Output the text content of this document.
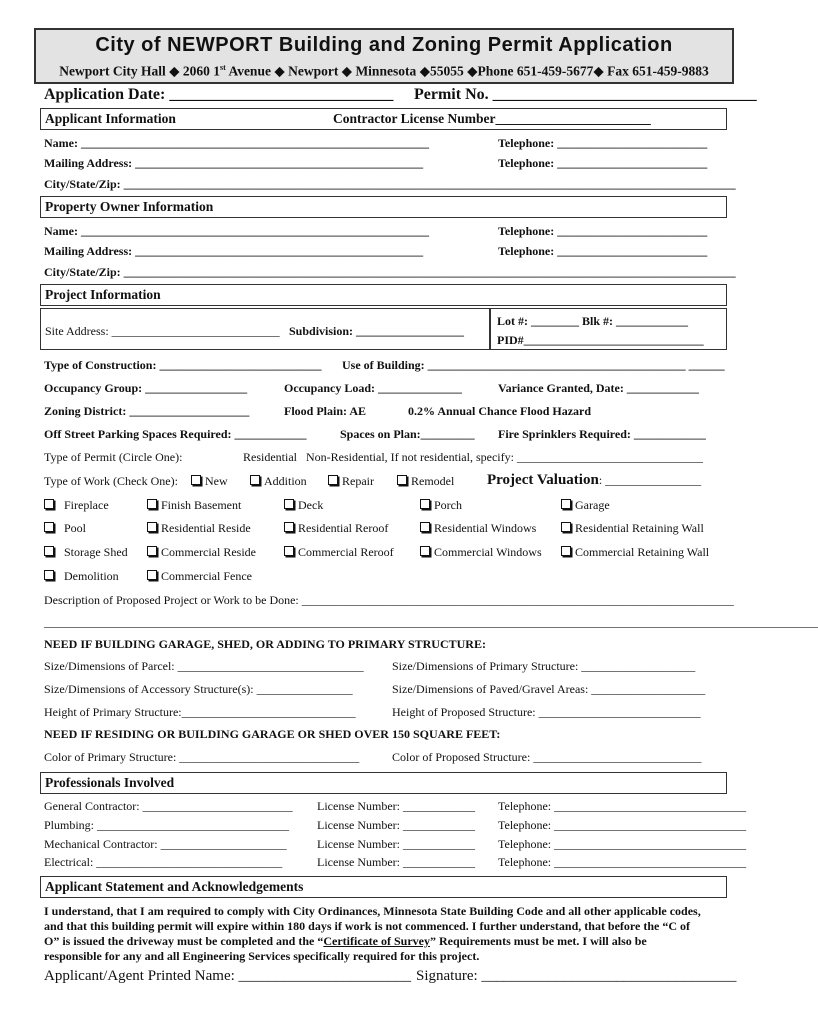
City of NEWPORT Building and Zoning Permit Application
Newport City Hall ◆ 2060 1st Avenue ◆ Newport ◆ Minnesota ◆55055 ◆Phone 651-459-5677◆ Fax 651-459-9883
Application Date: ____________________________ Permit No. _________________________________
Applicant Information	Contractor License Number_______________________
Name: __________________________________________________________	Telephone: _________________________
Mailing Address: ________________________________________________	Telephone: _________________________
City/State/Zip: ______________________________________________________________________________________________________
Property Owner Information
Name: __________________________________________________________	Telephone: _________________________
Mailing Address: ________________________________________________	Telephone: _________________________
City/State/Zip: ______________________________________________________________________________________________________
Project Information
Site Address: ____________________________ Subdivision: __________________
Lot #: ________ Blk #: ____________
PID#______________________________
Type of Construction: ___________________________ Use of Building: ___________________________________________ ______
Occupancy Group: _________________	Occupancy Load: ______________	Variance Granted, Date: ____________
Zoning District: ____________________	Flood Plain: AE	0.2% Annual Chance Flood Hazard
Off Street Parking Spaces Required: ____________	Spaces on Plan:_________ Fire Sprinklers Required: ____________
Type of Permit (Circle One):	Residential Non-Residential, If not residential, specify: _______________________________
Type of Work (Check One):	New	Addition	Repair	Remodel Project Valuation: ________________
Fireplace	Finish Basement	Deck	Porch	Garage
Pool	Residential Reside	Residential Reroof	Residential Windows	Residential Retaining Wall
Storage Shed	Commercial Reside	Commercial Reroof	Commercial Windows	Commercial Retaining Wall
Demolition	Commercial Fence
Description of Proposed Project or Work to be Done: ________________________________________________________________________
_________________________________________________________________________________________________________________________________
NEED IF BUILDING GARAGE, SHED, OR ADDING TO PRIMARY STRUCTURE:
Size/Dimensions of Parcel: _______________________________ Size/Dimensions of Primary Structure: ___________________
Size/Dimensions of Accessory Structure(s): ________________	Size/Dimensions of Paved/Gravel Areas: ___________________
Height of Primary Structure:_____________________________	Height of Proposed Structure: ___________________________
NEED IF RESIDING OR BUILDING GARAGE OR SHED OVER 150 SQUARE FEET:
Color of Primary Structure: ______________________________	Color of Proposed Structure: ____________________________
Professionals Involved
General Contractor: _________________________ License Number: ____________ Telephone: ________________________________
Plumbing: ________________________________ License Number: ____________ Telephone: ________________________________
Mechanical Contractor: _____________________	License Number: ____________ Telephone: ________________________________
Electrical: _______________________________	License Number: ____________ Telephone: ________________________________
Applicant Statement and Acknowledgements
I understand, that I am required to comply with City Ordinances, Minnesota State Building Code and all other applicable codes,
and that this building permit will expire within 180 days if work is not commenced. I further understand, that before the “C of
O” is issued the driveway must be completed and the “Certificate of Survey” Requirements must be met. I will also be
responsible for any and all Engineering Services specifically required for this project.
Applicant/Agent Printed Name: _______________________ Signature: __________________________________
